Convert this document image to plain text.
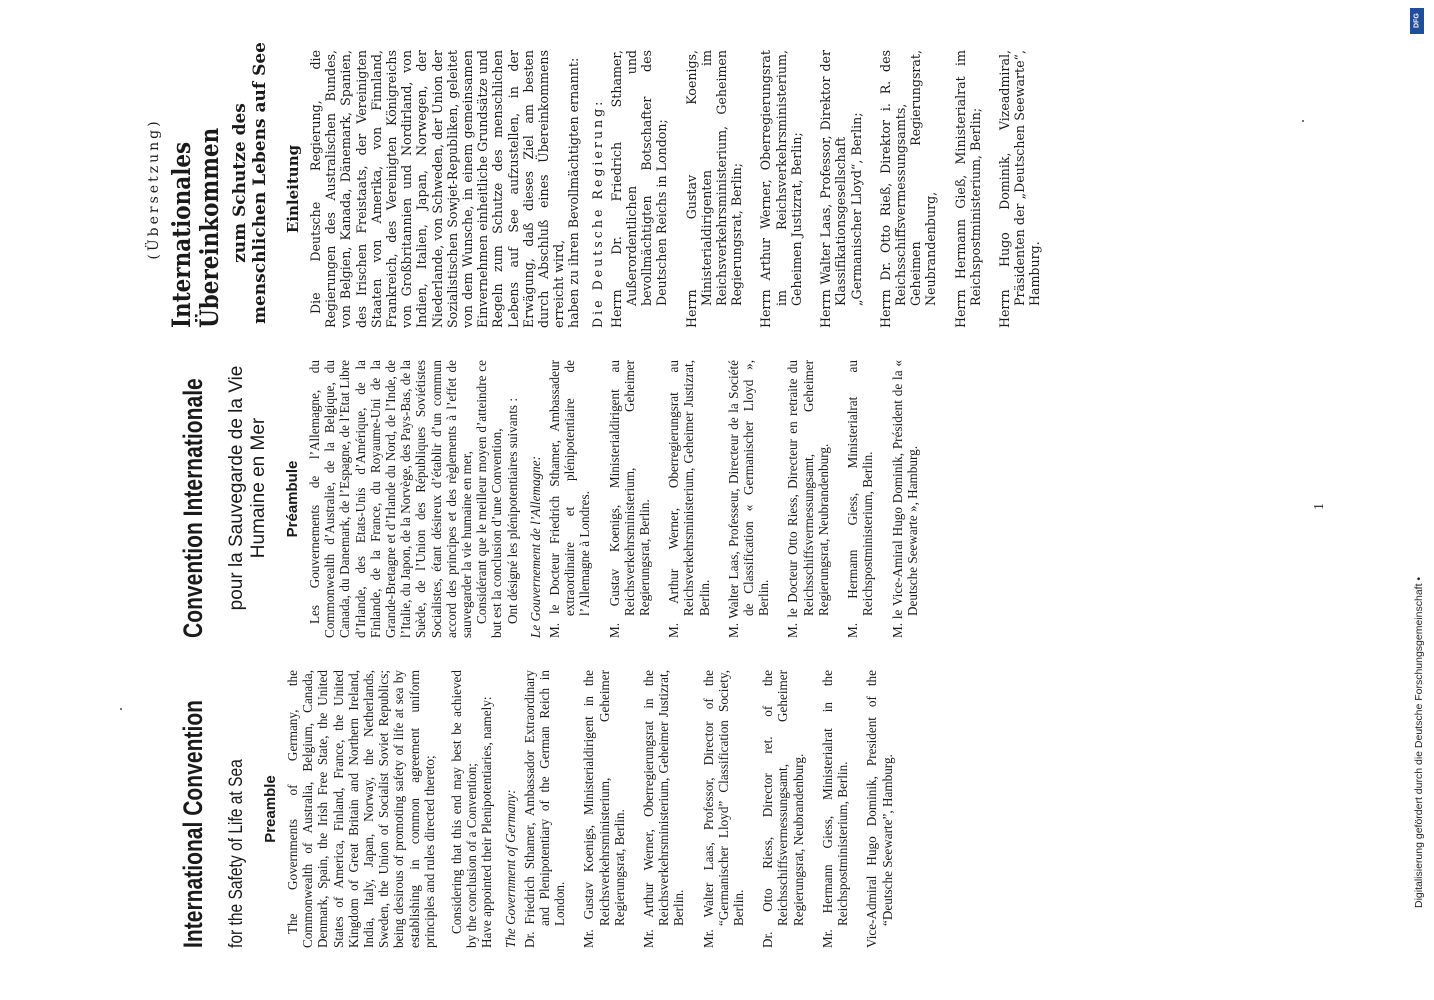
International Convention for the Safety of Life at Sea Preamble The Governments of Germany, the Commonwealth of Australia, Belgium, Canada, Denmark, Spain, the Irish Free State, the United States of America, Finland, France, the United Kingdom of Great Britain and Northern Ireland, India, Italy, Japan, Norway, the Netherlands, Sweden, the Union of Socialist Soviet Republics; being desirous of promoting safety of life at sea by establishing in common agreement uniform principles and rules directed thereto; Considering that this end may best be achieved by the conclusion of a Convention; Have appointed their Plenipotentiaries, namely: The Government of Germany: Dr. Friedrich Sthamer, Ambassador Extraordinary and Plenipotentiary of the German Reich in London. Mr. Gustav Koenigs, Ministerialdirigent in the Reichsverkehrsministerium, Geheimer Regierungsrat, Berlin. Mr. Arthur Werner, Oberregierungsrat in the Reichsverkehrsministerium, Geheimer Justizrat, Berlin. Mr. Walter Laas, Professor, Director of the “Germanischer Lloyd” Classification Society, Berlin. Dr. Otto Riess, Director ret. of the Reichsschiffsvermessungsamt, Geheimer Regierungsrat, Neubrandenburg. Mr. Hermann Giess, Ministerialrat in the Reichspostministerium, Berlin. Vice-Admiral Hugo Dominik, President of the “Deutsche Seewarte”, Hamburg.
Convention Internationale pour la Sauvegarde de la Vie Humaine en Mer Préambule Les Gouvernements de l’Allemagne, du Commonwealth d’Australie, de la Belgique, du Canada, du Danemark, de l’Espagne, de l’Etat Libre d’Irlande, des Etats-Unis d’Amérique, de la Finlande, de la France, du Royaume-Uni de la Grande-Bretagne et d’Irlande du Nord, de l’Inde, de l’Italie, du Japon, de la Norvège, des Pays-Bas, de la Suède, de l’Union des Républiques Soviétistes Socialistes, étant désireux d’établir d’un commun accord des principes et des règlements à l’effet de sauvegarder la vie humaine en mer, Considérant que le meilleur moyen d’atteindre ce but est la conclusion d’une Convention, Ont désigné les plénipotentiaires suivants : Le Gouvernement de l’Allemagne: M. le Docteur Friedrich Sthamer, Ambassadeur extraordinaire et plénipotentiaire de l’Allemagne à Londres. M. Gustav Koenigs, Ministerialdirigent au Reichsverkehrsministerium, Geheimer Regierungsrat, Berlin. M. Arthur Werner, Oberregierungsrat au Reichsverkehrsministerium, Geheimer Justizrat, Berlin. M. Walter Laas, Professeur, Directeur de la Société de Classification « Germanischer Lloyd », Berlin. M. le Docteur Otto Riess, Directeur en retraite du Reichsschiffsvermessungsamt, Geheimer Regierungsrat, Neubrandenburg. M. Hermann Giess, Ministerialrat au Reichspostministerium, Berlin. M. le Vice-Amiral Hugo Dominik, Président de la « Deutsche Seewarte », Hamburg.
(Übersetzung) Internationales Übereinkommen zum Schutze des menschlichen Lebens auf See Einleitung Die Deutsche Regierung, die Regierungen des Australischen Bundes, von Belgien, Kanada, Dänemark, Spanien, des Irischen Freistaats, der Vereinigten Staaten von Amerika, von Finnland, Frankreich, des Vereinigten Königreichs von Großbritannien und Nordirland, von Indien, Italien, Japan, Norwegen, der Niederlande, von Schweden, der Union der Sozialistischen Sowjet-Republiken, geleitet von dem Wunsche, in einem gemeinsamen Einvernehmen einheitliche Grundsätze und Regeln zum Schutze des menschlichen Lebens auf See aufzustellen, in der Erwägung, daß dieses Ziel am besten durch Abschluß eines Übereinkommens erreicht wird, haben zu ihren Bevollmächtigten ernannt: Die Deutsche Regierung: Herrn Dr. Friedrich Sthamer, Außerordentlichen und bevollmächtigten Botschafter des Deutschen Reichs in London; Herrn Gustav Koenigs, Ministerialdirigenten im Reichsverkehrsministerium, Geheimen Regierungsrat, Berlin; Herrn Arthur Werner, Oberregierungsrat im Reichsverkehrsministerium, Geheimen Justizrat, Berlin; Herrn Walter Laas, Professor, Direktor der Klassifikationsgesellschaft „Germanischer Lloyd“, Berlin; Herrn Dr. Otto Rieß, Direktor i. R. des Reichsschiffsvermessungsamts, Geheimen Regierungsrat, Neubrandenburg, Herrn Hermann Gieß, Ministerialrat im Reichspostministerium, Berlin; Herrn Hugo Dominik, Vizeadmiral, Präsidenten der „Deutschen Seewarte“, Hamburg.
1
Digitalisierung gefördert durch die Deutsche Forschungsgemeinschaft •
DFG
